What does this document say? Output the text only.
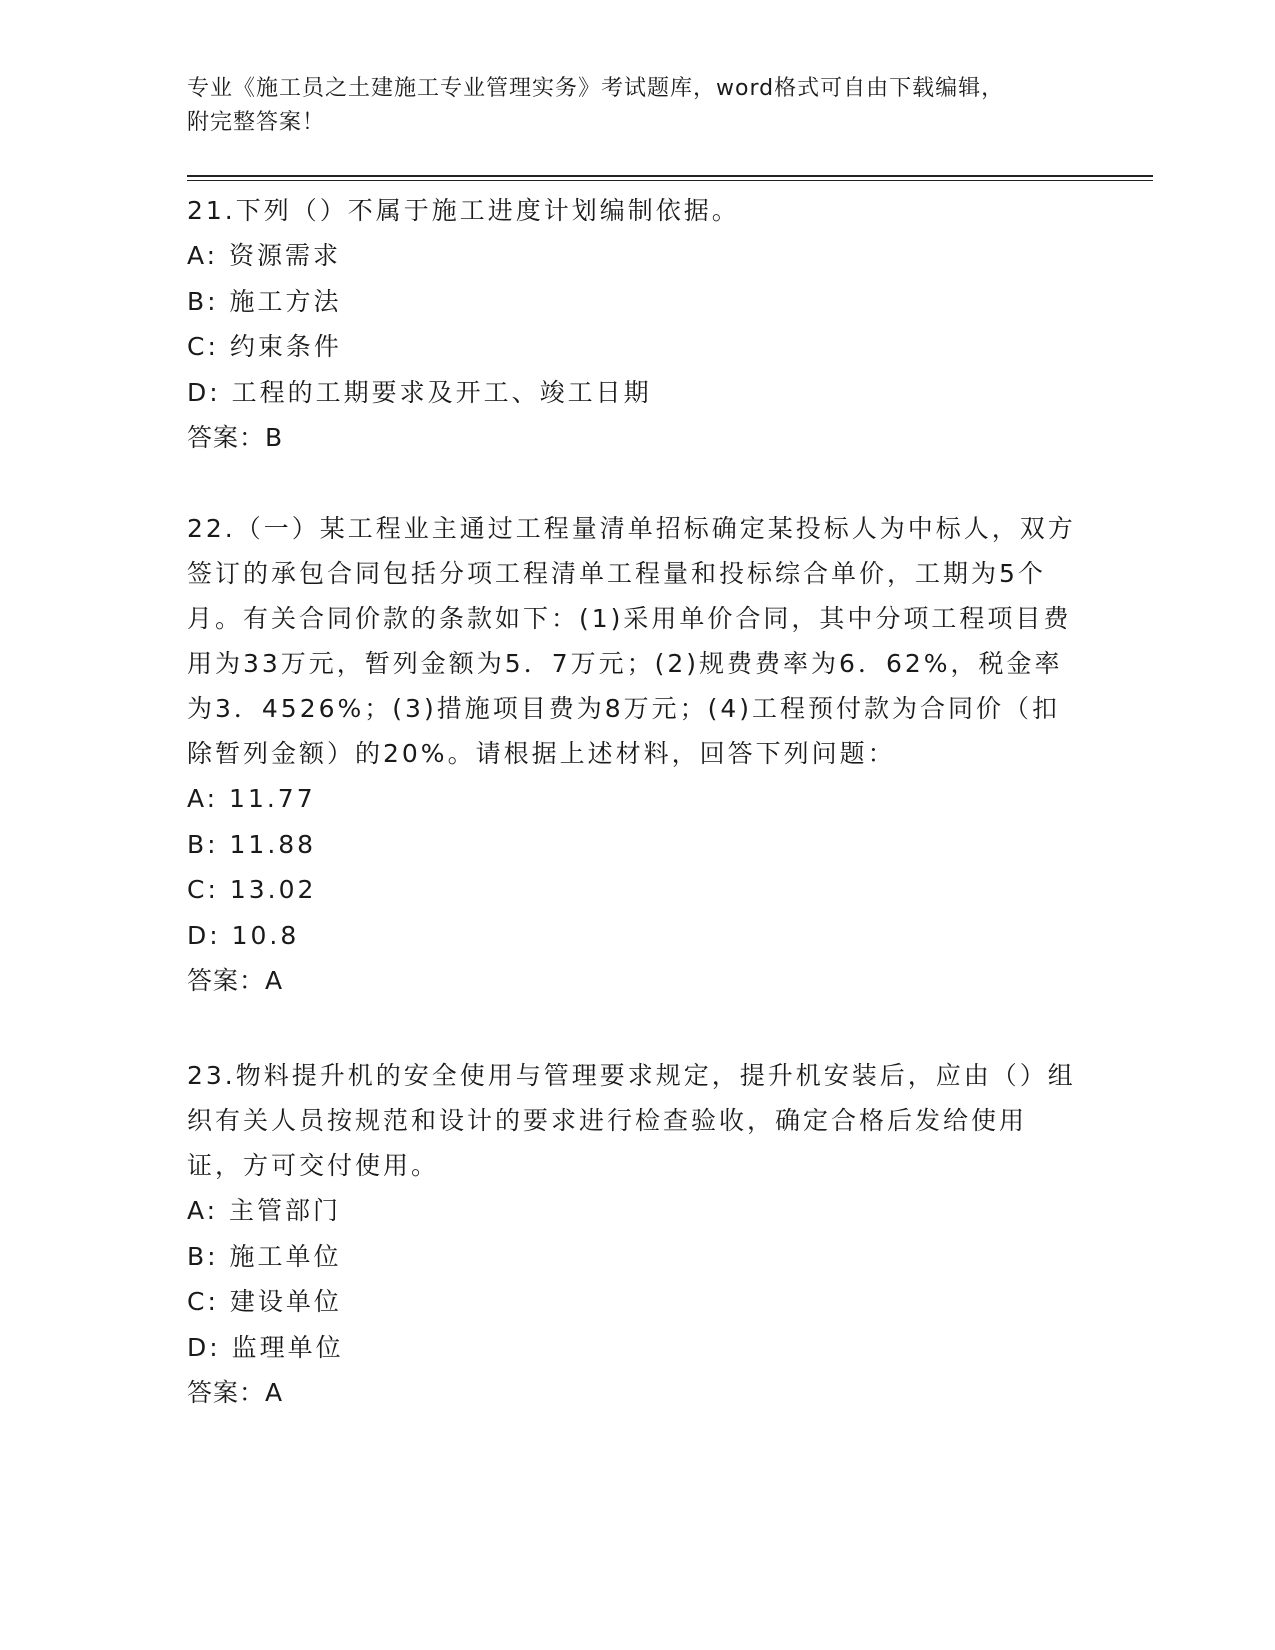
专业《施工员之土建施工专业管理实务》考试题库，word格式可自由下载编辑，
附完整答案！

21.下列（）不属于施工进度计划编制依据。

A: 资源需求

B: 施工方法

C: 约束条件

D: 工程的工期要求及开工、竣工日期

答案：B

22.（一）某工程业主通过工程量清单招标确定某投标人为中标人，双方签订的承包合同包括分项工程清单工程量和投标综合单价，工期为5个月。有关合同价款的条款如下：(1)采用单价合同，其中分项工程项目费用为33万元，暂列金额为5．7万元；(2)规费费率为6．62%，税金率为3．4526%；(3)措施项目费为8万元；(4)工程预付款为合同价（扣除暂列金额）的20%。请根据上述材料，回答下列问题：

A: 11.77

B: 11.88

C: 13.02

D: 10.8

答案：A

23.物料提升机的安全使用与管理要求规定，提升机安装后，应由（）组织有关人员按规范和设计的要求进行检查验收，确定合格后发给使用证，方可交付使用。

A: 主管部门

B: 施工单位

C: 建设单位

D: 监理单位

答案：A
